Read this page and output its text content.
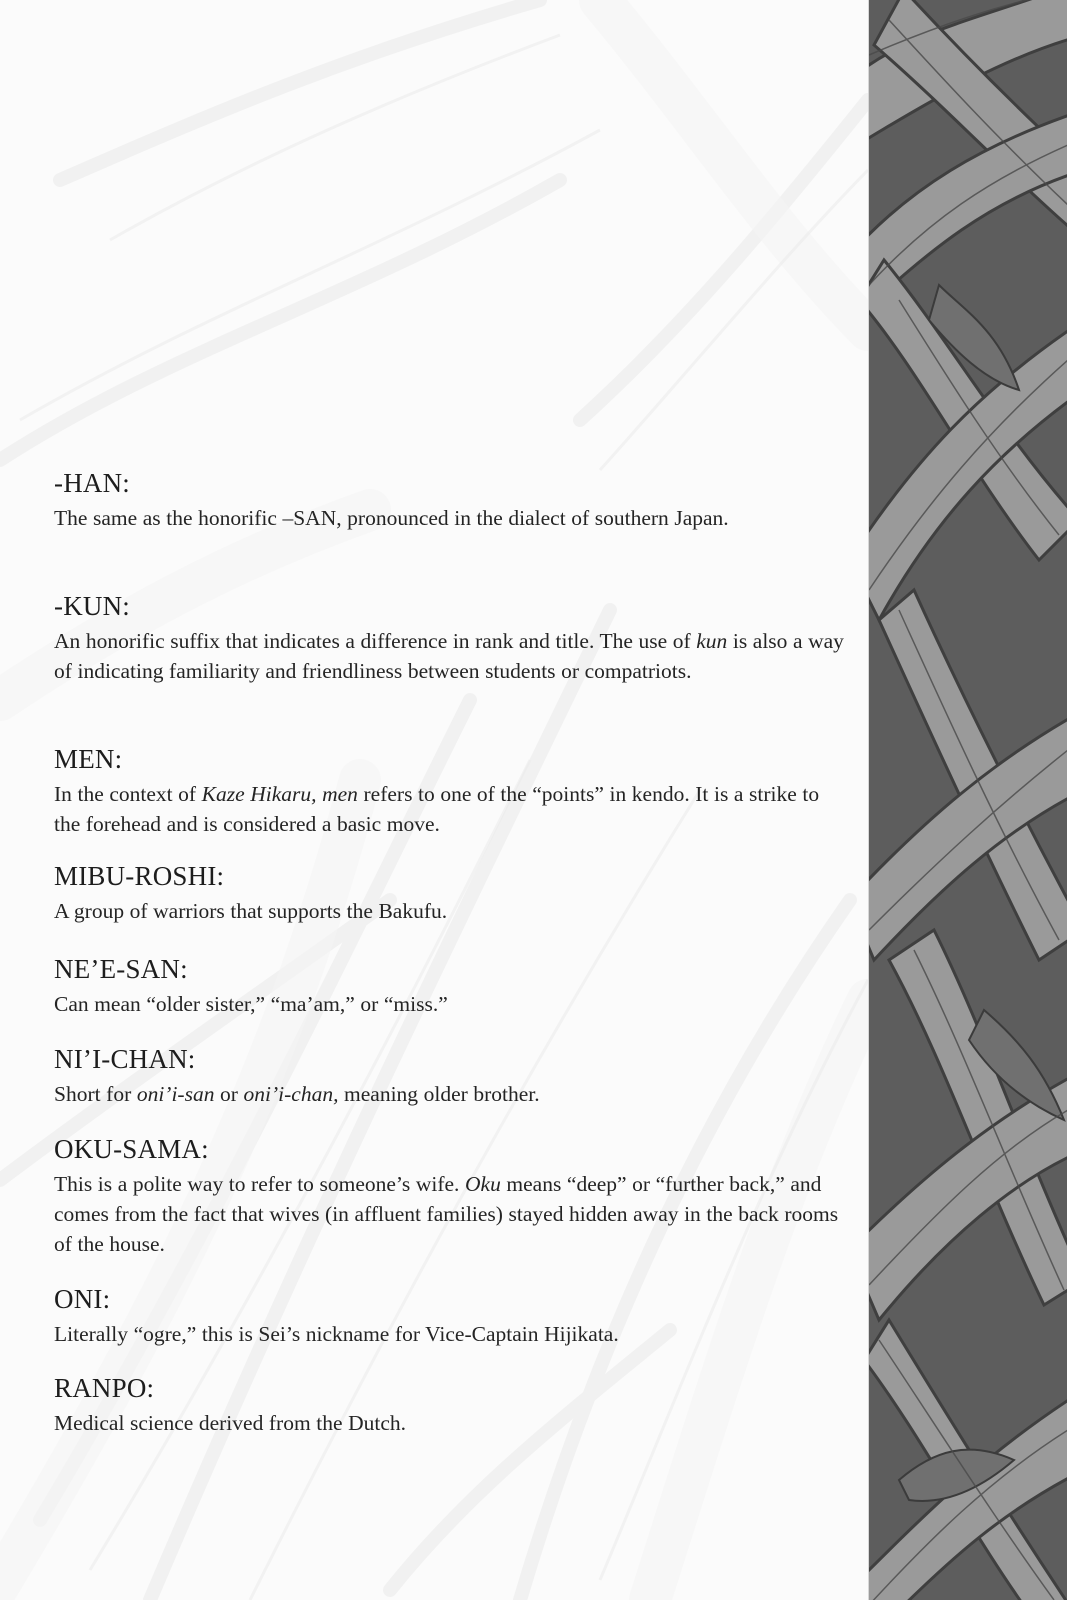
-HAN:

The same as the honorific –SAN, pronounced in the dialect of southern Japan.

-KUN:

An honorific suffix that indicates a difference in rank and title. The use of kun is also a way of indicating familiarity and friendliness between students or compatriots.

MEN:

In the context of Kaze Hikaru, men refers to one of the “points” in kendo. It is a strike to the forehead and is considered a basic move.

MIBU-ROSHI:

A group of warriors that supports the Bakufu.

NE’E-SAN:

Can mean “older sister,” “ma’am,” or “miss.”

NI’I-CHAN:

Short for oni’i-san or oni’i-chan, meaning older brother.

OKU-SAMA:

This is a polite way to refer to someone’s wife. Oku means “deep” or “further back,” and comes from the fact that wives (in affluent families) stayed hidden away in the back rooms of the house.

ONI:

Literally “ogre,” this is Sei’s nickname for Vice-Captain Hijikata.

RANPO:

Medical science derived from the Dutch.
